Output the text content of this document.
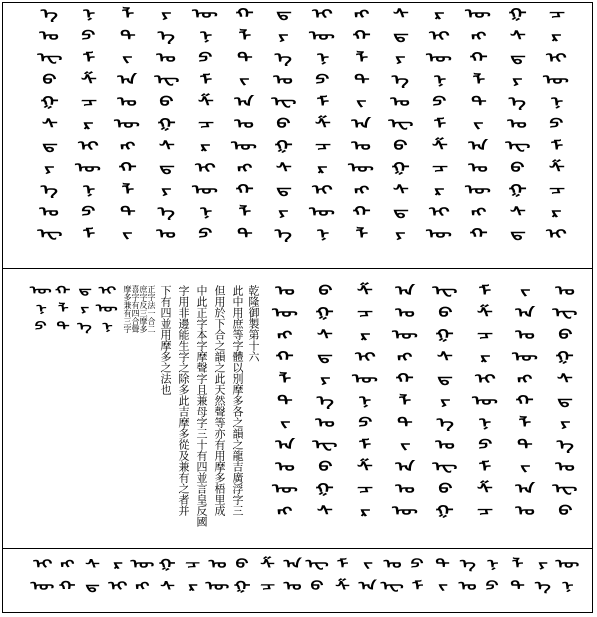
ᠡ
ᠤ
ᠧ
ᠪ
ᠭ
ᠰ
ᠳ
ᠶ
ᠡ
ᠤ
ᠧ
ᠨ
ᠫ
ᠮ
ᠱ
ᠴ
ᠷ
ᠢ
ᠥ
ᠨ
ᠫ
ᠮ
ᠯ
ᠲ
ᠵ
ᠠ
ᠣ
ᠦ
ᠩ
ᠬ
ᠯ
ᠲ
ᠵ
ᠶ
ᠡ
ᠤ
ᠧ
ᠪ
ᠭ
ᠰ
ᠳ
ᠶ
ᠡ
ᠤ
ᠥ
ᠨ
ᠫ
ᠮ
ᠱ
ᠴ
ᠷ
ᠢ
ᠥ
ᠨ
ᠫ
ᠬ
ᠯ
ᠲ
ᠵ
ᠠ
ᠣ
ᠦ
ᠩ
ᠬ
ᠯ
ᠲ
ᠳ
ᠶ
ᠡ
ᠤ
ᠧ
ᠪ
ᠭ
ᠰ
ᠳ
ᠶ
ᠡ
ᠢ
ᠥ
ᠨ
ᠫ
ᠮ
ᠱ
ᠴ
ᠷ
ᠢ
ᠥ
ᠨ
ᠩ
ᠬ
ᠯ
ᠲ
ᠵ
ᠠ
ᠣ
ᠦ
ᠩ
ᠬ
ᠯ
ᠰ
ᠳ
ᠶ
ᠡ
ᠤ
ᠧ
ᠪ
ᠭ
ᠰ
ᠳ
ᠶ
ᠷ
ᠢ
ᠥ
ᠨ
ᠫ
ᠮ
ᠱ
ᠴ
ᠷ
ᠢ
ᠥ
ᠦ
ᠩ
ᠬ
ᠯ
ᠲ
ᠵ
ᠠ
ᠣ
ᠦ
ᠩ
ᠬ
ᠭ
ᠰ
ᠳ
ᠶ
ᠡ
ᠤ
ᠧ
ᠪ
ᠭ
ᠰ
ᠳ
ᠴ
ᠷ
ᠢ
ᠥ
ᠨ
ᠫ
ᠮ
ᠱ
ᠴ
ᠷ
ᠢ
ᠥ
ᠨ
ᠫ
ᠬ
ᠯ
ᠲ
ᠳ
ᠶ
ᠡ
ᠢ
ᠥ
ᠨ
ᠣ
ᠦ
ᠩ
ᠬ
ᠯ
ᠲ
ᠵ
ᠠ
ᠣ
ᠦ
ᠩ
ᠪ
ᠭ
ᠰ
ᠳ
ᠶ
ᠡ
ᠤ
ᠧ
ᠪ
ᠭ
ᠰ
ᠱ
ᠴ
ᠷ
ᠢ
ᠥ
ᠨ
ᠫ
ᠮ
ᠱ
ᠴ
ᠷ
ᠠ
ᠣ
ᠦ
ᠩ
ᠬ
ᠯ
ᠲ
ᠵ
ᠠ
ᠣ
ᠦ
ᠧ
ᠪ
ᠭ
ᠰ
ᠳ
ᠶ
ᠡ
ᠤ
ᠧ
ᠪ
ᠭ
ᠮ
ᠱ
ᠴ
ᠷ
ᠢ
ᠥ
ᠨ
ᠫ
ᠮ
ᠱ
ᠴ
ᠵ
ᠠ
ᠣ
ᠦ
ᠩ
ᠬ
ᠯ
ᠲ
ᠵ
ᠠ
ᠣ
ᠤ
ᠧ
ᠪ
ᠭ
ᠰ
ᠳ
ᠶ
ᠡ
ᠤ
ᠧ
ᠪ
ᠢ
ᠥ
ᠩ
ᠬ
ᠰ
ᠳ
ᠷ
ᠢ
ᠦ
ᠩ
ᠭ
ᠰ
ᠴ
ᠷ
ᠣ
ᠦ
ᠪ
ᠭ
ᠱ
ᠴ
ᠠ
ᠣ
ᠧ
ᠪ
ᠮ
ᠱ
ᠵ
ᠠ
ᠤ
ᠧ
ᠫ
ᠮ
ᠲ
ᠵ
ᠡ
ᠤ
ᠨ
ᠫ
ᠯ
ᠲ
ᠶ
ᠡ
ᠥ
ᠨ
乾隆御製第十六
此中用庶等字體以別摩多各之韻之龍吉廣浮字三
但用於下合之韻之此天然聲等亦有用摩多梧里成
中此正字本字摩聲字且兼母字三十有四並言皇反國
字用非邊能生字之除多此吉摩多從及兼有之者并
下有四並用摩多之法也
正字法一合二
庶字反三摩多
喜字有四合聲
摩多兼有三字
